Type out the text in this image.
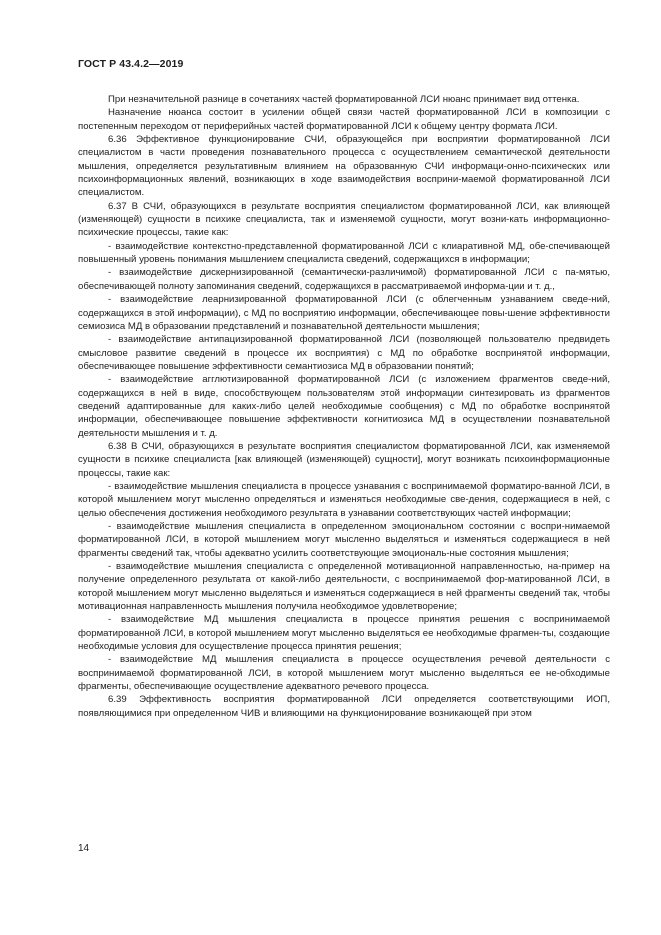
ГОСТ Р 43.4.2—2019

При незначительной разнице в сочетаниях частей форматированной ЛСИ нюанс принимает вид оттенка.

Назначение нюанса состоит в усилении общей связи частей форматированной ЛСИ в композиции с постепенным переходом от периферийных частей форматированной ЛСИ к общему центру формата ЛСИ.

6.36 Эффективное функционирование СЧИ, образующейся при восприятии форматированной ЛСИ специалистом в части проведения познавательного процесса с осуществлением семантической деятельности мышления, определяется результативным влиянием на образованную СЧИ информаци-онно-психических или психоинформационных явлений, возникающих в ходе взаимодействия восприни-маемой форматированной ЛСИ специалистом.

6.37 В СЧИ, образующихся в результате восприятия специалистом форматированной ЛСИ, как влияющей (изменяющей) сущности в психике специалиста, так и изменяемой сущности, могут возни-кать информационно-психические процессы, такие как:

- взаимодействие контекстно-представленной форматированной ЛСИ с клиаративной МД, обе-спечивающей повышенный уровень понимания мышлением специалиста сведений, содержащихся в информации;

- взаимодействие дискернизированной (семантически-различимой) форматированной ЛСИ с па-мятью, обеспечивающей полноту запоминания сведений, содержащихся в рассматриваемой информа-ции и т. д.,

- взаимодействие леарнизированной форматированной ЛСИ (с облегченным узнаванием сведе-ний, содержащихся в этой информации), с МД по восприятию информации, обеспечивающее повы-шение эффективности семиозиса МД в образовании представлений и познавательной деятельности мышления;

- взаимодействие антипацизированной форматированной ЛСИ (позволяющей пользователю предвидеть смысловое развитие сведений в процессе их восприятия) с МД по обработке воспринятой информации, обеспечивающее повышение эффективности семантиозиса МД в образовании понятий;

- взаимодействие агглютизированной форматированной ЛСИ (с изложением фрагментов сведе-ний, содержащихся в ней в виде, способствующем пользователям этой информации синтезировать из фрагментов сведений адаптированные для каких-либо целей необходимые сообщения) с МД по обработке воспринятой информации, обеспечивающее повышение эффективности когнитиозиса МД в осуществлении познавательной деятельности мышления и т. д.

6.38 В СЧИ, образующихся в результате восприятия специалистом форматированной ЛСИ, как изменяемой сущности в психике специалиста [как влияющей (изменяющей) сущности], могут возникать психоинформационные процессы, такие как:

- взаимодействие мышления специалиста в процессе узнавания с воспринимаемой форматиро-ванной ЛСИ, в которой мышлением могут мысленно определяться и изменяться необходимые све-дения, содержащиеся в ней, с целью обеспечения достижения необходимого результата в узнавании соответствующих частей информации;

- взаимодействие мышления специалиста в определенном эмоциональном состоянии с воспри-нимаемой форматированной ЛСИ, в которой мышлением могут мысленно выделяться и изменяться содержащиеся в ней фрагменты сведений так, чтобы адекватно усилить соответствующие эмоциональ-ные состояния мышления;

- взаимодействие мышления специалиста с определенной мотивационной направленностью, на-пример на получение определенного результата от какой-либо деятельности, с воспринимаемой фор-матированной ЛСИ, в которой мышлением могут мысленно выделяться и изменяться содержащиеся в ней фрагменты сведений так, чтобы мотивационная направленность мышления получила необходимое удовлетворение;

- взаимодействие МД мышления специалиста в процессе принятия решения с воспринимаемой форматированной ЛСИ, в которой мышлением могут мысленно выделяться ее необходимые фрагмен-ты, создающие необходимые условия для осуществление процесса принятия решения;

- взаимодействие МД мышления специалиста в процессе осуществления речевой деятельности с воспринимаемой форматированной ЛСИ, в которой мышлением могут мысленно выделяться ее не-обходимые фрагменты, обеспечивающие осуществление адекватного речевого процесса.

6.39 Эффективность восприятия форматированной ЛСИ определяется соответствующими ИОП, появляющимися при определенном ЧИВ и влияющими на функционирование возникающей при этом

14
